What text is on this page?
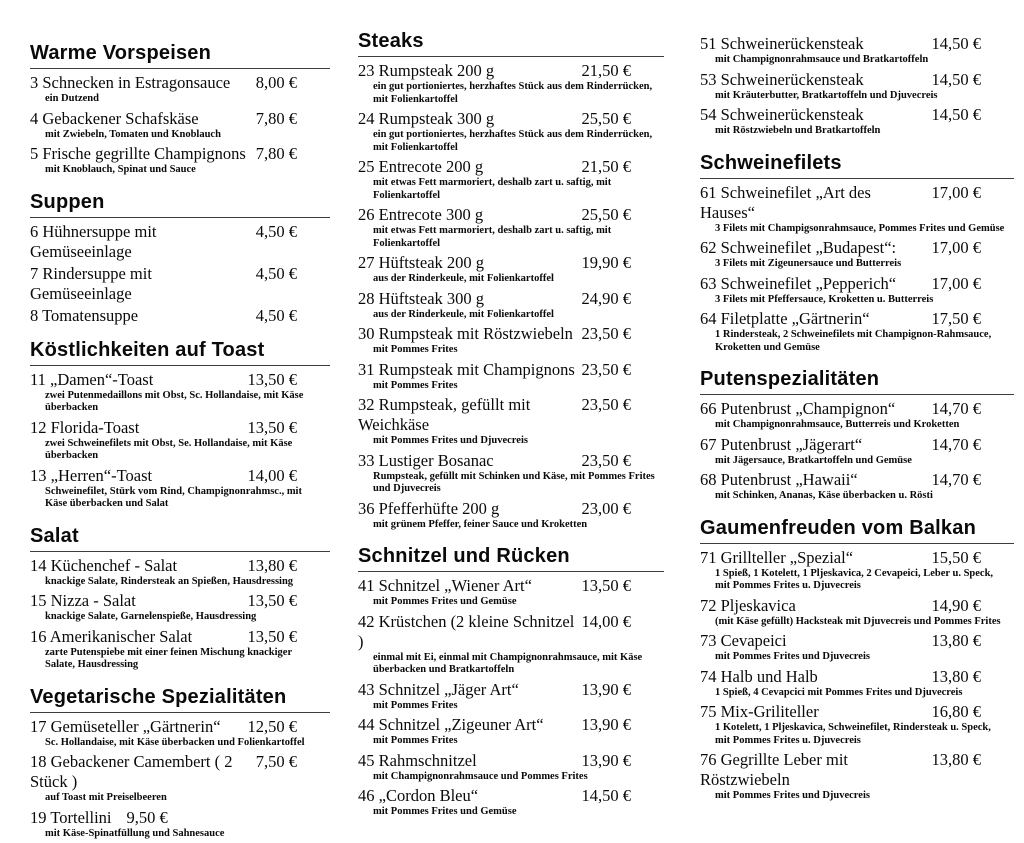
Warme Vorspeisen
3 Schnecken in Estragonsauce	8,00 €
ein Dutzend
4 Gebackener Schafskäse	7,80 €
mit Zwiebeln, Tomaten und Knoblauch
5 Frische gegrillte Champignons 7,80 €
mit Knoblauch, Spinat und Sauce
Suppen
6 Hühnersuppe mit Gemüseeinlage
4,50 €
7 Rindersuppe mit Gemüseeinlage
4,50 €
8 Tomatensuppe	4,50 €
Köstlichkeiten auf Toast
11 „Damen“-Toast	13,50 €
zwei Putenmedaillons mit Obst, Sc. Hollandaise, mit Käse überbacken
12 Florida-Toast	13,50 €
zwei Schweinefilets mit Obst, Se. Hollandaise, mit Käse überbacken
13 „Herren“-Toast	14,00 €
Schweinefilet, Stürk vom Rind, Champignonrahmsc., mit Käse überbacken und Salat
Salat
14 Küchenchef - Salat	13,80 €
knackige Salate, Rindersteak an Spießen, Hausdressing
15 Nizza - Salat	13,50 €
knackige Salate, Garnelenspieße, Hausdressing
16 Amerikanischer Salat	13,50 €
zarte Putenspiebe mit einer feinen Mischung knackiger Salate, Hausdressing
Vegetarische Spezialitäten
17 Gemüseteller „Gärtnerin“	12,50 €
Sc. Hollandaise, mit Käse überbacken und Folienkartoffel
18 Gebackener Camembert ( 2 Stück )
7,50 €
auf Toast mit Preiselbeeren
19 Tortellini 9,50 €
mit Käse-Spinatfüllung und Sahnesauce
Steaks
23 Rumpsteak 200 g	21,50 €
ein gut portioniertes, herzhaftes Stück aus dem Rinderrücken, mit Folienkartoffel
24 Rumpsteak 300 g	25,50 €
ein gut portioniertes, herzhaftes Stück aus dem Rinderrücken, mit Folienkartoffel
25 Entrecote 200 g	21,50 €
mit etwas Fett marmoriert, deshalb zart u. saftig, mit Folienkartoffel
26 Entrecote 300 g	25,50 €
mit etwas Fett marmoriert, deshalb zart u. saftig, mit Folienkartoffel
27 Hüftsteak 200 g	19,90 €
aus der Rinderkeule, mit Folienkartoffel
28 Hüftsteak 300 g	24,90 €
aus der Rinderkeule, mit Folienkartoffel
30 Rumpsteak mit Röstzwiebeln 23,50 €
mit Pommes Frites
31 Rumpsteak mit Champignons 23,50 €
mit Pommes Frites
32 Rumpsteak, gefüllt mit Weichkäse
23,50 €
mit Pommes Frites und Djuvecreis
33 Lustiger Bosanac	23,50 €
Rumpsteak, gefüllt mit Schinken und Käse, mit Pommes Frites und Djuvecreis
36 Pfefferhüfte 200 g	23,00 €
mit grünem Pfeffer, feiner Sauce und Kroketten
Schnitzel und Rücken
41 Schnitzel „Wiener Art“	13,50 €
mit Pommes Frites und Gemüse
42 Krüstchen (2 kleine Schnitzel )
14,00 €
einmal mit Ei, einmal mit Champignonrahmsauce, mit Käse überbacken und Bratkartoffeln
43 Schnitzel „Jäger Art“	13,90 €
mit Pommes Frites
44 Schnitzel „Zigeuner Art“	13,90 €
mit Pommes Frites
45 Rahmschnitzel	13,90 €
mit Champignonrahmsauce und Pommes Frites
46 „Cordon Bleu“	14,50 €
mit Pommes Frites und Gemüse
51 Schweinerückensteak	14,50 €
mit Champignonrahmsauce und Bratkartoffeln
53 Schweinerückensteak	14,50 €
mit Kräuterbutter, Bratkartoffeln und Djuvecreis
54 Schweinerückensteak	14,50 €
mit Röstzwiebeln und Bratkartoffeln
Schweinefilets
61 Schweinefilet „Art des Hauses“
17,00 €
3 Filets mit Champigsonrahmsauce, Pommes Frites und Gemüse
62 Schweinefilet „Budapest“:	17,00 €
3 Filets mit Zigeunersauce und Butterreis
63 Schweinefilet „Pepperich“	17,00 €
3 Filets mit Pfeffersauce, Kroketten u. Butterreis
64 Filetplatte „Gärtnerin“	17,50 €
1 Rindersteak, 2 Schweinefilets mit Champignon-Rahmsauce, Kroketten und Gemüse
Putenspezialitäten
66 Putenbrust „Champignon“	14,70 €
mit Champignonrahmsauce, Butterreis und Kroketten
67 Putenbrust „Jägerart“	14,70 €
mit Jägersauce, Bratkartoffeln und Gemüse
68 Putenbrust „Hawaii“	14,70 €
mit Schinken, Ananas, Käse überbacken u. Rösti
Gaumenfreuden vom Balkan
71 Grillteller „Spezial“	15,50 €
1 Spieß, 1 Kotelett, 1 Pljeskavica, 2 Cevapeici, Leber u. Speck, mit Pommes Frites u. Djuvecreis
72 Pljeskavica	14,90 €
(mit Käse gefüllt) Hacksteak mit Djuvecreis und Pommes Frites
73 Cevapeici	13,80 €
mit Pommes Frites und Djuvecreis
74 Halb und Halb	13,80 €
1 Spieß, 4 Cevapcici mit Pommes Frites und Djuvecreis
75 Mix-Griliteller	16,80 €
1 Kotelett, 1 Pljeskavica, Schweinefilet, Rindersteak u. Speck, mit Pommes Frites u. Djuvecreis
76 Gegrillte Leber mit Röstzwiebeln
13,80 €
mit Pommes Frites und Djuvecreis
